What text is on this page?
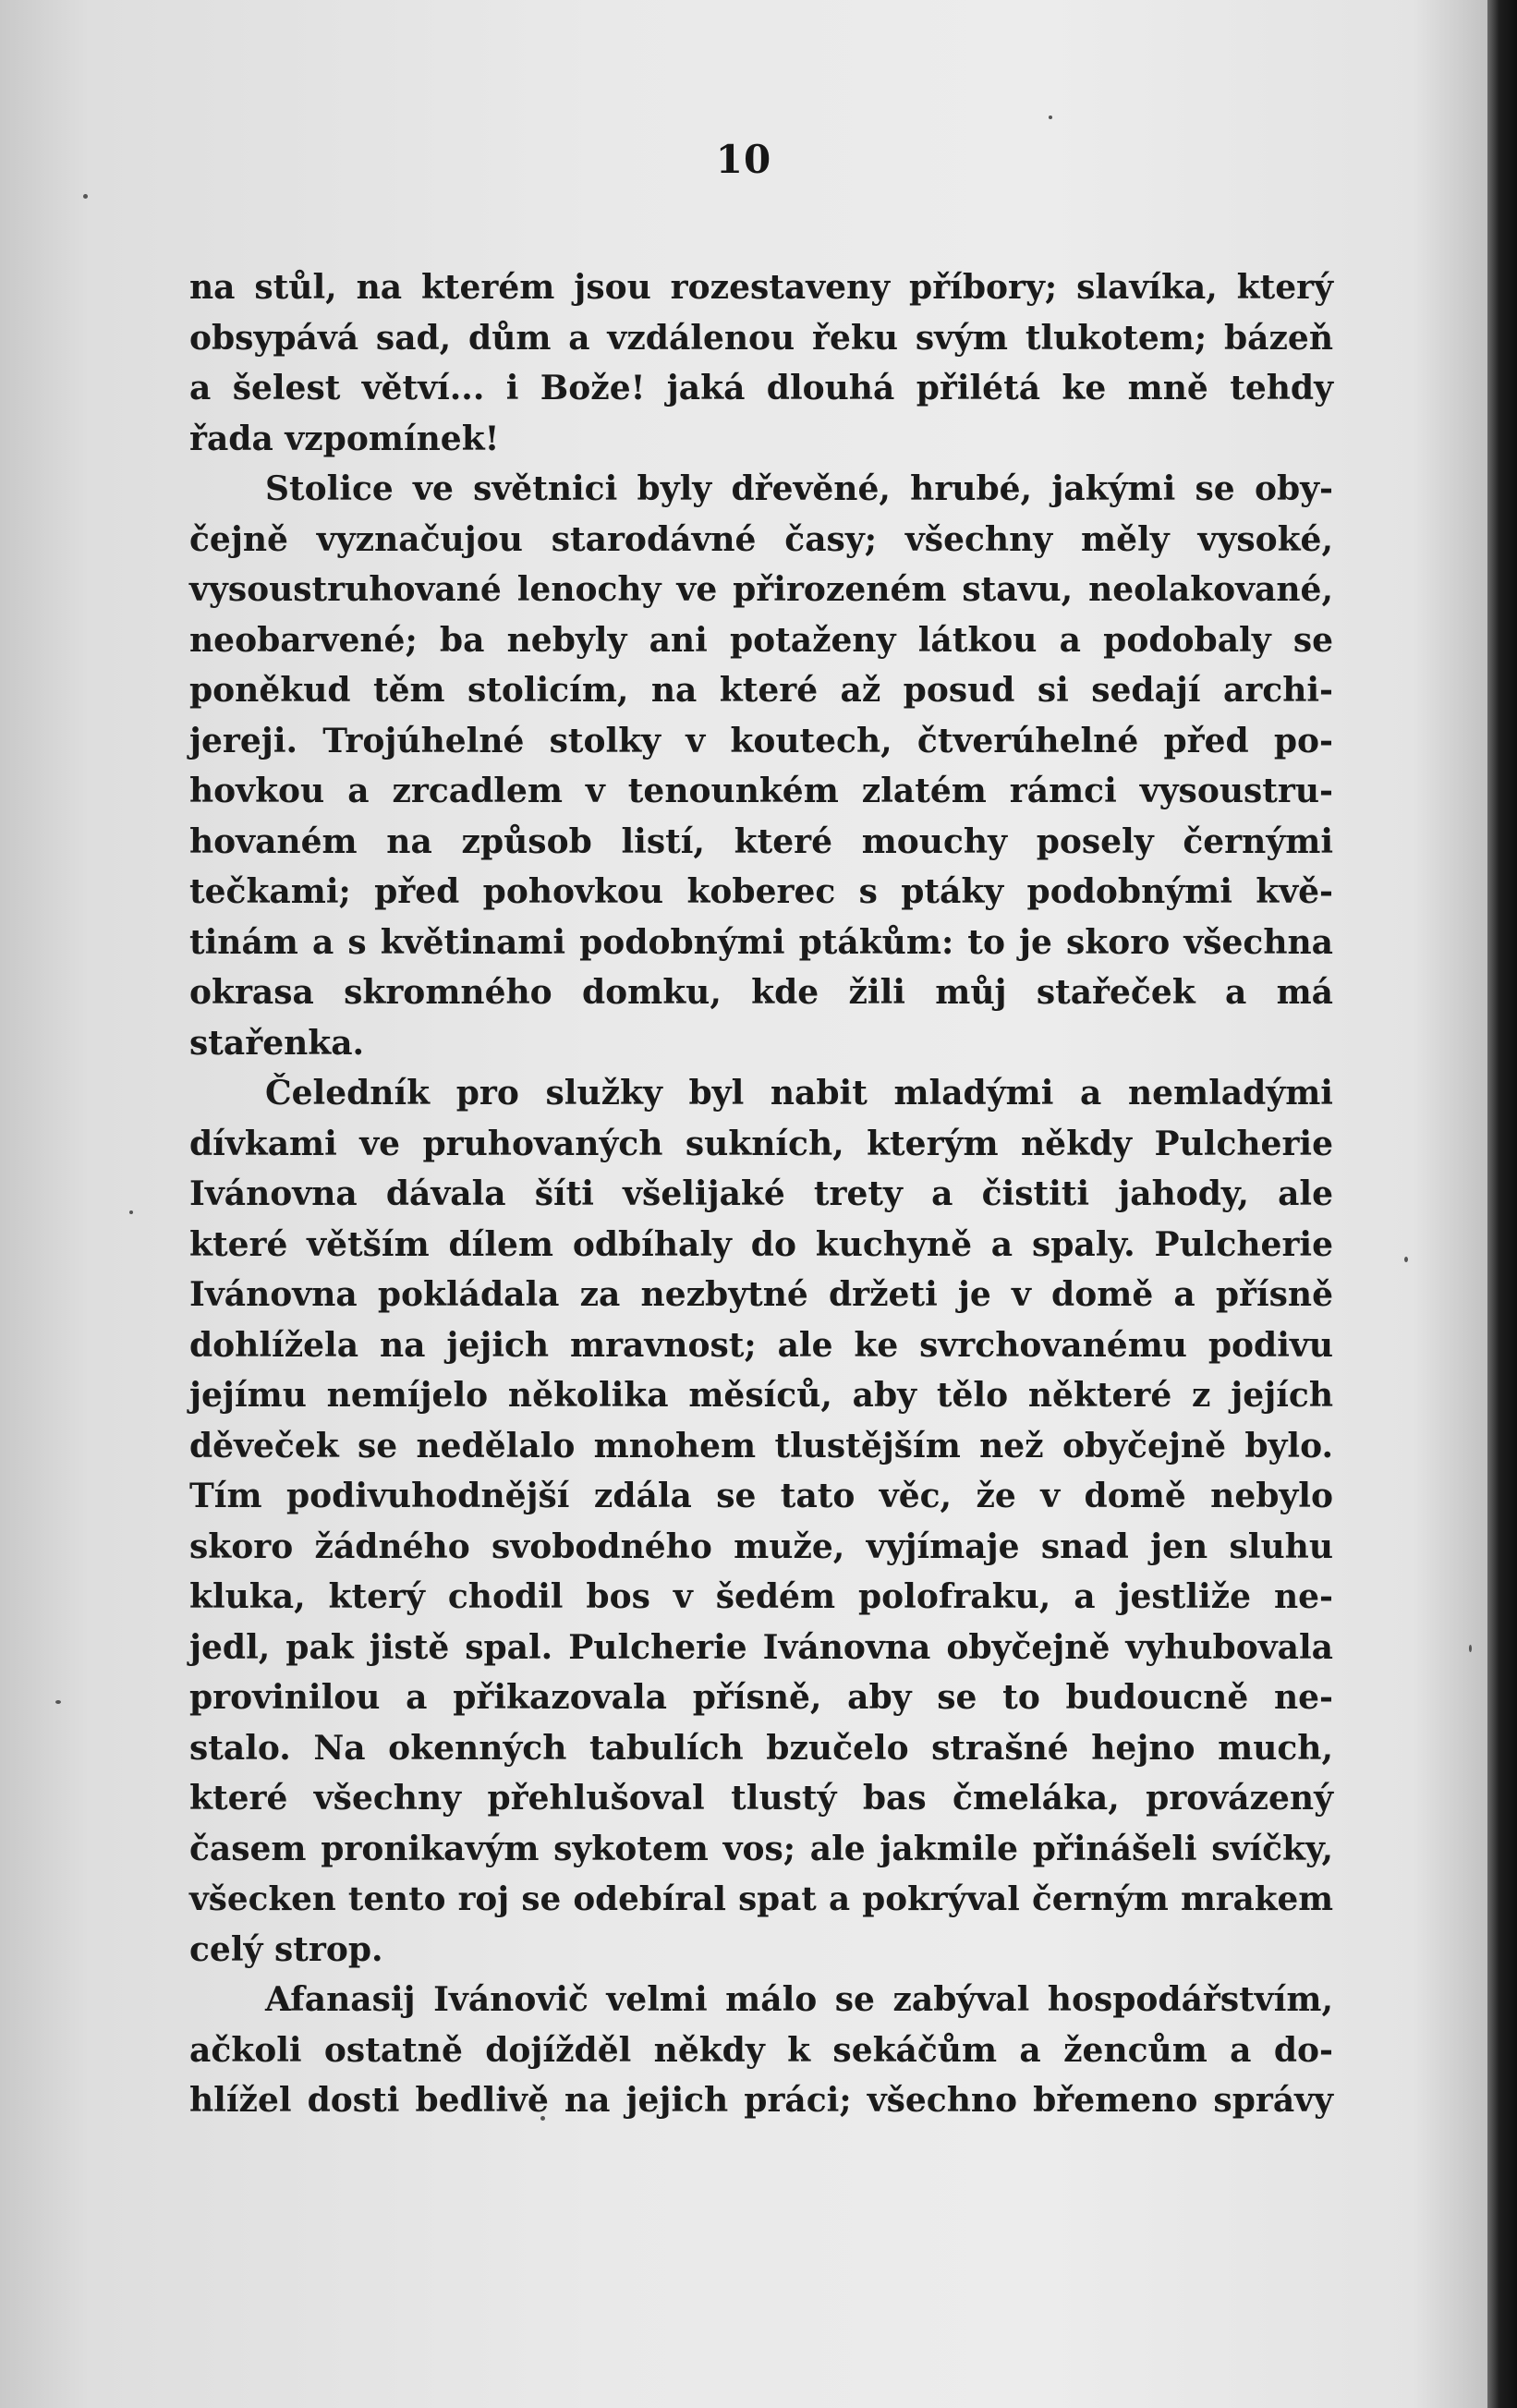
10
na stůl, na kterém jsou rozestaveny příbory; slavíka, který
obsypává sad, dům a vzdálenou řeku svým tlukotem; bázeň
a šelest větví... i Bože! jaká dlouhá přilétá ke mně tehdy
řada vzpomínek!
Stolice ve světnici byly dřevěné, hrubé, jakými se oby-
čejně vyznačujou starodávné časy; všechny měly vysoké,
vysoustruhované lenochy ve přirozeném stavu, neolakované,
neobarvené; ba nebyly ani potaženy látkou a podobaly se
poněkud těm stolicím, na které až posud si sedají archi-
jereji. Trojúhelné stolky v koutech, čtverúhelné před po-
hovkou a zrcadlem v tenounkém zlatém rámci vysoustru-
hovaném na způsob listí, které mouchy posely černými
tečkami; před pohovkou koberec s ptáky podobnými kvě-
tinám a s květinami podobnými ptákům: to je skoro všechna
okrasa skromného domku, kde žili můj stařeček a má
stařenka.
Čeledník pro služky byl nabit mladými a nemladými
dívkami ve pruhovaných sukních, kterým někdy Pulcherie
Ivánovna dávala šíti všelijaké trety a čistiti jahody, ale
které větším dílem odbíhaly do kuchyně a spaly. Pulcherie
Ivánovna pokládala za nezbytné držeti je v domě a přísně
dohlížela na jejich mravnost; ale ke svrchovanému podivu
jejímu nemíjelo několika měsíců, aby tělo některé z jejích
děveček se nedělalo mnohem tlustějším než obyčejně bylo.
Tím podivuhodnější zdála se tato věc, že v domě nebylo
skoro žádného svobodného muže, vyjímaje snad jen sluhu
kluka, který chodil bos v šedém polofraku, a jestliže ne-
jedl, pak jistě spal. Pulcherie Ivánovna obyčejně vyhubovala
provinilou a přikazovala přísně, aby se to budoucně ne-
stalo. Na okenných tabulích bzučelo strašné hejno much,
které všechny přehlušoval tlustý bas čmeláka, provázený
časem pronikavým sykotem vos; ale jakmile přinášeli svíčky,
všecken tento roj se odebíral spat a pokrýval černým mrakem
celý strop.
Afanasij Ivánovič velmi málo se zabýval hospodářstvím,
ačkoli ostatně dojížděl někdy k sekáčům a žencům a do-
hlížel dosti bedlivě na jejich práci; všechno břemeno správy
